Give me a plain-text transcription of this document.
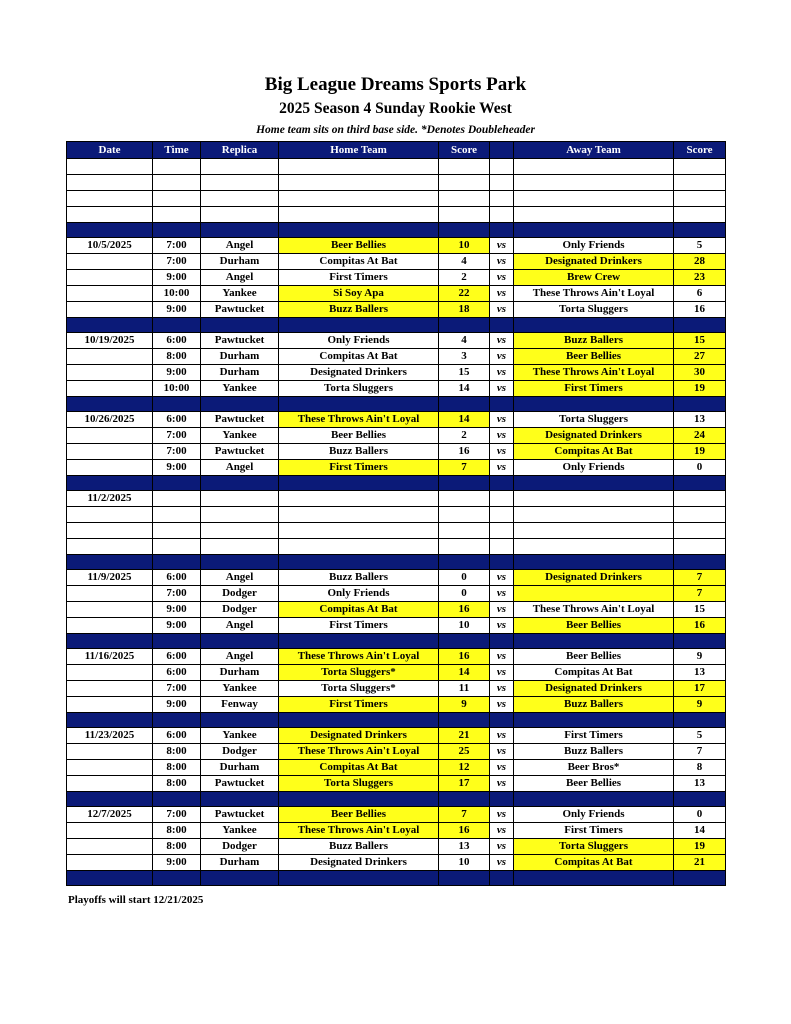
Big League Dreams Sports Park
2025 Season 4 Sunday Rookie West
Home team sits on third base side. *Denotes Doubleheader
Date	Time	Replica	Home Team	Score		Away Team	Score

10/5/2025	7:00	Angel	Beer Bellies	10	vs	Only Friends	5
	7:00	Durham	Compitas At Bat	4	vs	Designated Drinkers	28
	9:00	Angel	First Timers	2	vs	Brew Crew	23
	10:00	Yankee	Si Soy Apa	22	vs	These Throws Ain't Loyal	6
	9:00	Pawtucket	Buzz Ballers	18	vs	Torta Sluggers	16

10/19/2025	6:00	Pawtucket	Only Friends	4	vs	Buzz Ballers	15
	8:00	Durham	Compitas At Bat	3	vs	Beer Bellies	27
	9:00	Durham	Designated Drinkers	15	vs	These Throws Ain't Loyal	30
	10:00	Yankee	Torta Sluggers	14	vs	First Timers	19

10/26/2025	6:00	Pawtucket	These Throws Ain't Loyal	14	vs	Torta Sluggers	13
	7:00	Yankee	Beer Bellies	2	vs	Designated Drinkers	24
	7:00	Pawtucket	Buzz Ballers	16	vs	Compitas At Bat	19
	9:00	Angel	First Timers	7	vs	Only Friends	0

11/2/2025							

11/9/2025	6:00	Angel	Buzz Ballers	0	vs	Designated Drinkers	7
	7:00	Dodger	Only Friends	0	vs		7
	9:00	Dodger	Compitas At Bat	16	vs	These Throws Ain't Loyal	15
	9:00	Angel	First Timers	10	vs	Beer Bellies	16

11/16/2025	6:00	Angel	These Throws Ain't Loyal	16	vs	Beer Bellies	9
	6:00	Durham	Torta Sluggers*	14	vs	Compitas At Bat	13
	7:00	Yankee	Torta Sluggers*	11	vs	Designated Drinkers	17
	9:00	Fenway	First Timers	9	vs	Buzz Ballers	9

11/23/2025	6:00	Yankee	Designated Drinkers	21	vs	First Timers	5
	8:00	Dodger	These Throws Ain't Loyal	25	vs	Buzz Ballers	7
	8:00	Durham	Compitas At Bat	12	vs	Beer Bros*	8
	8:00	Pawtucket	Torta Sluggers	17	vs	Beer Bellies	13

12/7/2025	7:00	Pawtucket	Beer Bellies	7	vs	Only Friends	0
	8:00	Yankee	These Throws Ain't Loyal	16	vs	First Timers	14
	8:00	Dodger	Buzz Ballers	13	vs	Torta Sluggers	19
	9:00	Durham	Designated Drinkers	10	vs	Compitas At Bat	21

Playoffs will start 12/21/2025
